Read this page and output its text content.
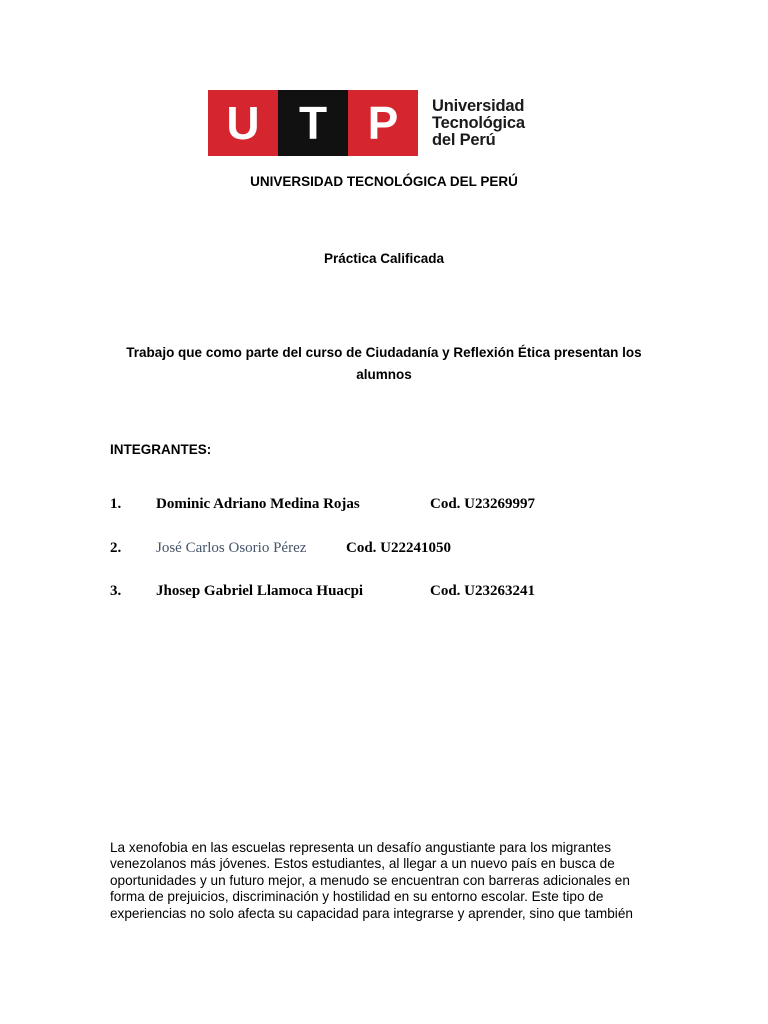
U T P Universidad
Tecnológica
del Perú
UNIVERSIDAD TECNOLÓGICA DEL PERÚ
Práctica Calificada
Trabajo que como parte del curso de Ciudadanía y Reflexión Ética presentan los
alumnos
INTEGRANTES:
1. Dominic Adriano Medina Rojas	Cod. U23269997
2. José Carlos Osorio Pérez	Cod. U22241050
3. Jhosep Gabriel Llamoca Huacpi	Cod. U23263241
La xenofobia en las escuelas representa un desafío angustiante para los migrantes
venezolanos más jóvenes. Estos estudiantes, al llegar a un nuevo país en busca de
oportunidades y un futuro mejor, a menudo se encuentran con barreras adicionales en
forma de prejuicios, discriminación y hostilidad en su entorno escolar. Este tipo de
experiencias no solo afecta su capacidad para integrarse y aprender, sino que también
